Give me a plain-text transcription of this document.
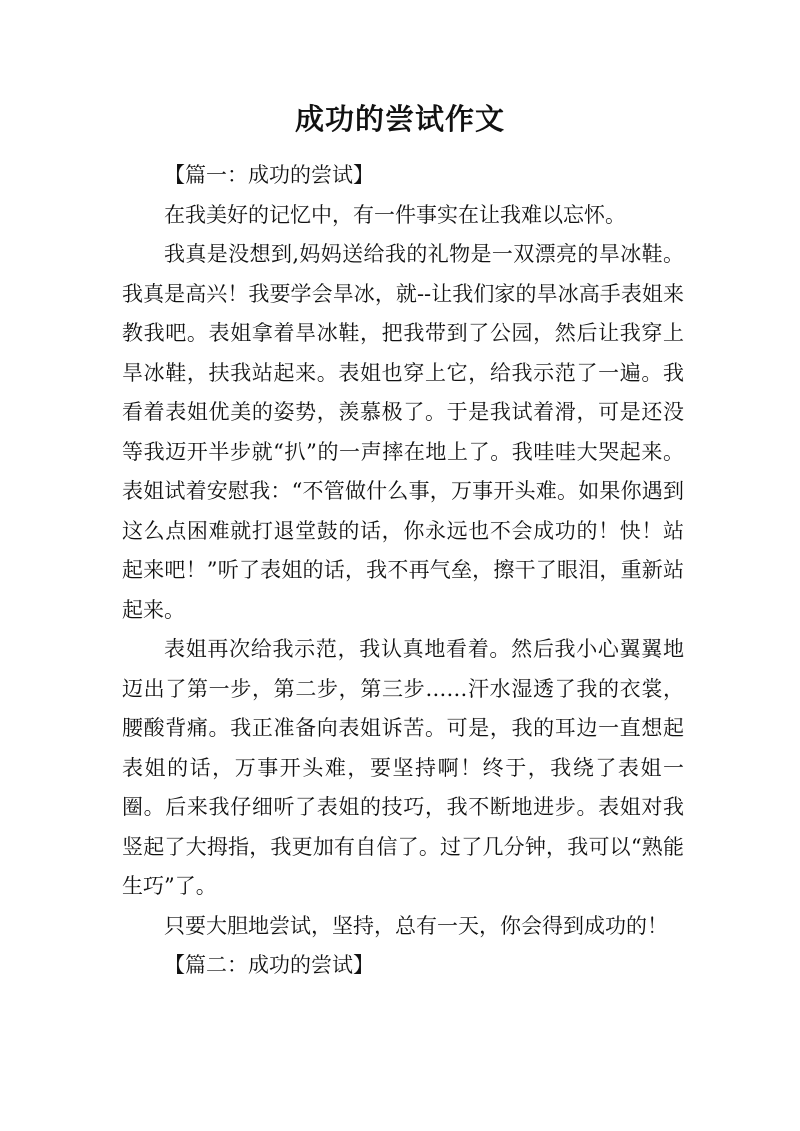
成功的尝试作文

【篇一：成功的尝试】

在我美好的记忆中，有一件事实在让我难以忘怀。

我真是没想到,妈妈送给我的礼物是一双漂亮的旱冰鞋。我真是高兴！我要学会旱冰，就--让我们家的旱冰高手表姐来教我吧。表姐拿着旱冰鞋，把我带到了公园，然后让我穿上旱冰鞋，扶我站起来。表姐也穿上它，给我示范了一遍。我看着表姐优美的姿势，羡慕极了。于是我试着滑，可是还没等我迈开半步就“扒”的一声摔在地上了。我哇哇大哭起来。表姐试着安慰我：“不管做什么事，万事开头难。如果你遇到这么点困难就打退堂鼓的话，你永远也不会成功的！快！站起来吧！”听了表姐的话，我不再气垒，擦干了眼泪，重新站起来。

表姐再次给我示范，我认真地看着。然后我小心翼翼地迈出了第一步，第二步，第三步……汗水湿透了我的衣裳，腰酸背痛。我正准备向表姐诉苦。可是，我的耳边一直想起表姐的话，万事开头难，要坚持啊！终于，我绕了表姐一圈。后来我仔细听了表姐的技巧，我不断地进步。表姐对我竖起了大拇指，我更加有自信了。过了几分钟，我可以“熟能生巧”了。

只要大胆地尝试，坚持，总有一天，你会得到成功的！

【篇二：成功的尝试】
